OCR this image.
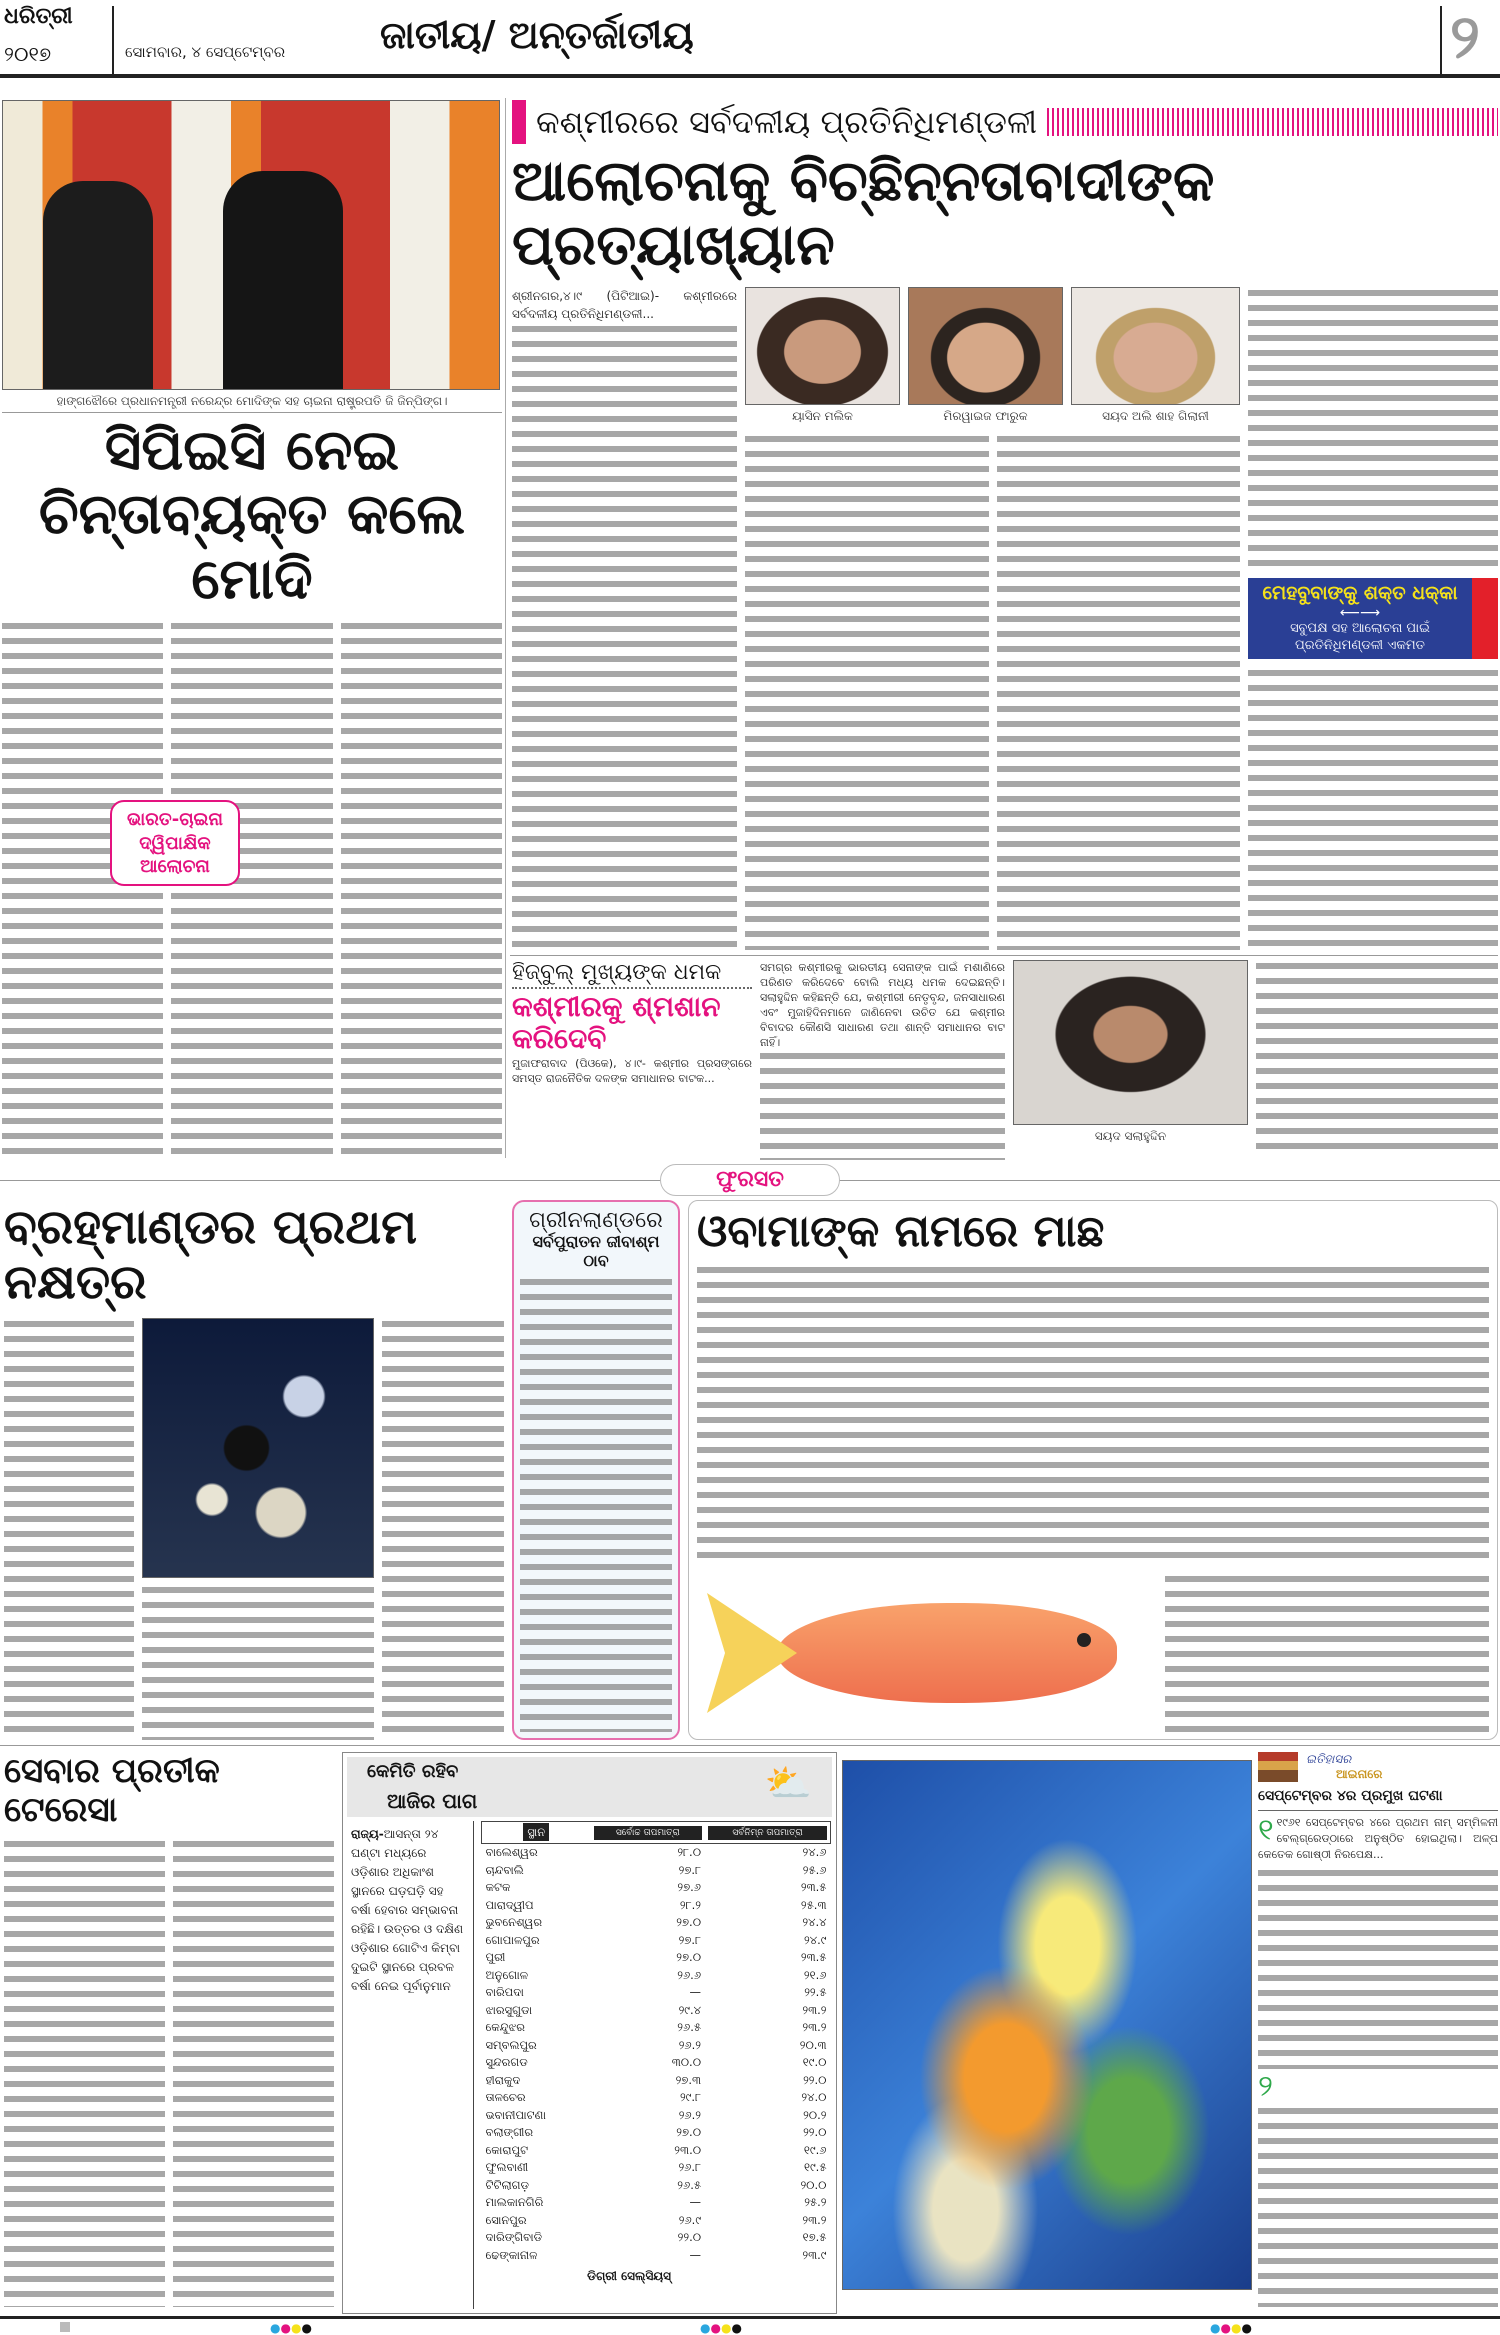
ଧରିତ୍ରୀ
୨୦୧୭	ସୋମବାର, ୪ ସେପ୍ଟେମ୍ବର ଜାତୀୟ/ ଅନ୍ତର୍ଜାତୀୟ	୨
ହାଙ୍ଗଝୌରେ ପ୍ରଧାନମନ୍ତ୍ରୀ ନରେନ୍ଦ୍ର ମୋଦିଙ୍କ ସହ ଚାଇନା ରାଷ୍ଟ୍ରପତି ଜି ଜିନ୍‌ପିଙ୍ଗ।
ସିପିଇସି ନେଇ
ଚିନ୍ତାବ୍ୟକ୍ତ କଲେ ମୋଦି
ଭାରତ-ଚାଇନା ଦ୍ୱିପାକ୍ଷିକ ଆଲୋଚନା
କଶ୍ମୀରରେ ସର୍ବଦଳୀୟ ପ୍ରତିନିଧିମଣ୍ଡଳୀ
ଆଲୋଚନାକୁ ବିଚ୍ଛିନ୍ନତାବାଦୀଙ୍କ ପ୍ରତ୍ୟାଖ୍ୟାନ
ଶ୍ରୀନଗର,୪।୯ (ପିଟିଆଇ)- କଶ୍ମୀରରେ ସର୍ବଦଳୀୟ ପ୍ରତିନିଧିମଣ୍ଡଳୀ...
ୟାସିନ ମଲିକ	ମିରୱାଇଜ ଫାରୁକ	ସୟଦ ଅଲି ଶାହ ଗିଲାନୀ
ମେହବୁବାଙ୍କୁ ଶକ୍ତ ଧକ୍କା
⟵⟶
ସବୁପକ୍ଷ ସହ ଆଲୋଚନା ପାଇଁ ପ୍ରତିନିଧିମଣ୍ଡଳୀ ଏକମତ
ହିଜ୍‌ବୁଲ୍ ମୁଖ୍ୟଙ୍କ ଧମକ
କଶ୍ମୀରକୁ ଶ୍ମଶାନ କରିଦେବି
ମୁଜାଫରାବାଦ (ପିଓକେ), ୪।୯- କଶ୍ମୀର ପ୍ରସଙ୍ଗରେ ସମସ୍ତ ରାଜନୈତିକ ଦଳଙ୍କ ସମାଧାନର ବାଟକ...
ସମଗ୍ର କଶ୍ମୀରକୁ ଭାରତୀୟ ସେନାଙ୍କ ପାଇଁ ମଶାଣିରେ ପରିଣତ କରିଦେବେ ବୋଲି ମଧ୍ୟ ଧମକ ଦେଇଛନ୍ତି। ସଲାହୁଦ୍ଦିନ କହିଛନ୍ତି ଯେ, କଶ୍ମୀରୀ ନେତୃବୃନ୍ଦ, ଜନସାଧାରଣ ଏବଂ ମୁଜାହିଦିନମାନେ ଜାଣିନେବା ଉଚିତ ଯେ କଶ୍ମୀର ବିବାଦର କୌଣସି ସାଧାରଣ ତଥା ଶାନ୍ତି ସମାଧାନର ବାଟ ନାହିଁ।
ସୟଦ ସଲାହୁଦ୍ଦିନ
ଫୁରସତ
ବ୍ରହ୍ମାଣ୍ଡର ପ୍ରଥମ ନକ୍ଷତ୍ର
ଗ୍ରୀନଲାଣ୍ଡରେ
ସର୍ବପୁରାତନ ଜୀବାଶ୍ମ ଠାବ
ଓବାମାଙ୍କ ନାମରେ ମାଛ
ସେବାର ପ୍ରତୀକ ଟେରେସା
କେମିତି ରହିବ
ଆଜିର ପାଗ	⛅
ରାଜ୍ୟ-ଆସନ୍ତା ୨୪ ଘଣ୍ଟା ମଧ୍ୟରେ ଓଡ଼ିଶାର ଅଧିକାଂଶ ସ୍ଥାନରେ ଘଡ଼ଘଡ଼ି ସହ ବର୍ଷା ହେବାର ସମ୍ଭାବନା ରହିଛି। ଉତ୍ତର ଓ ଦକ୍ଷିଣ ଓଡ଼ିଶାର ଗୋଟିଏ କିମ୍ବା ଦୁଇଟି ସ୍ଥାନରେ ପ୍ରବଳ ବର୍ଷା ନେଇ ପୂର୍ବାନୁମାନ
ସ୍ଥାନ	ସର୍ବୋଚ୍ଚ ତାପମାତ୍ରା	ସର୍ବନିମ୍ନ ତାପମାତ୍ରା

ବାଲେଶ୍ୱର	୨୮.୦	୨୪.୬
ଚାନ୍ଦବାଲି	୨୭.୮	୨୫.୬
କଟକ	୨୭.୬	୨୩.୫
ପାରାଦ୍ୱୀପ	୨୮.୨	୨୫.୩
ଭୁବନେଶ୍ୱର	୨୭.୦	୨୪.୪
ଗୋପାଳପୁର	୨୭.୮	୨୪.୯
ପୁରୀ	୨୭.୦	୨୩.୫
ଅନୁଗୋଳ	୨୬.୬	୨୧.୬
ବାରିପଦା	—	୨୨.୫
ଝାରସୁଗୁଡା	୨୯.୪	୨୩.୨
କେନ୍ଦୁଝର	୨୬.୫	୨୩.୨
ସମ୍ବଲପୁର	୨୬.୨	୨୦.୩
ସୁନ୍ଦରଗଡ	୩୦.୦	୧୯.୦
ହୀରାକୁଦ	୨୭.୩	୨୨.୦
ତାଳଚେର	୨୯.୮	୨୪.୦
ଭବାନୀପାଟଣା	୨୬.୨	୨୦.୨
ବଲାଙ୍ଗୀର	୨୭.୦	୨୨.୦
କୋରାପୁଟ	୨୩.୦	୧୯.୬
ଫୁଲବାଣୀ	୨୬.୮	୧୯.୫
ଟିଟିଲାଗଡ଼	୨୬.୫	୨୦.୦
ମାଲକାନଗିରି	—	୨୫.୨
ସୋନପୁର	୨୬.୯	୨୩.୨
ଦାରିଙ୍ଗିବାଡି	୨୨.୦	୧୭.୫
ଢେଙ୍କାନାଳ	—	୨୩.୯
ଡିଗ୍ରୀ ସେଲ୍‌ସିୟସ୍
ଇତିହାସର
ଆଇନାରେ
ସେପ୍ଟେମ୍ବର ୪ର ପ୍ରମୁଖ ଘଟଣା
୧ ୧୯୬୧ ସେପ୍ଟେମ୍ବର ୪ରେ ପ୍ରଥମ ନାମ୍ ସମ୍ମିଳନୀ ବେଲ୍‌ଗ୍ରେଡ୍‌ଠାରେ ଅନୁଷ୍ଠିତ ହୋଇଥିଲା। ଅଳ୍ପ କେତେକ ଗୋଷ୍ଠୀ ନିରପେକ୍ଷ...
୨
●●●●	●●●●	●●●●
